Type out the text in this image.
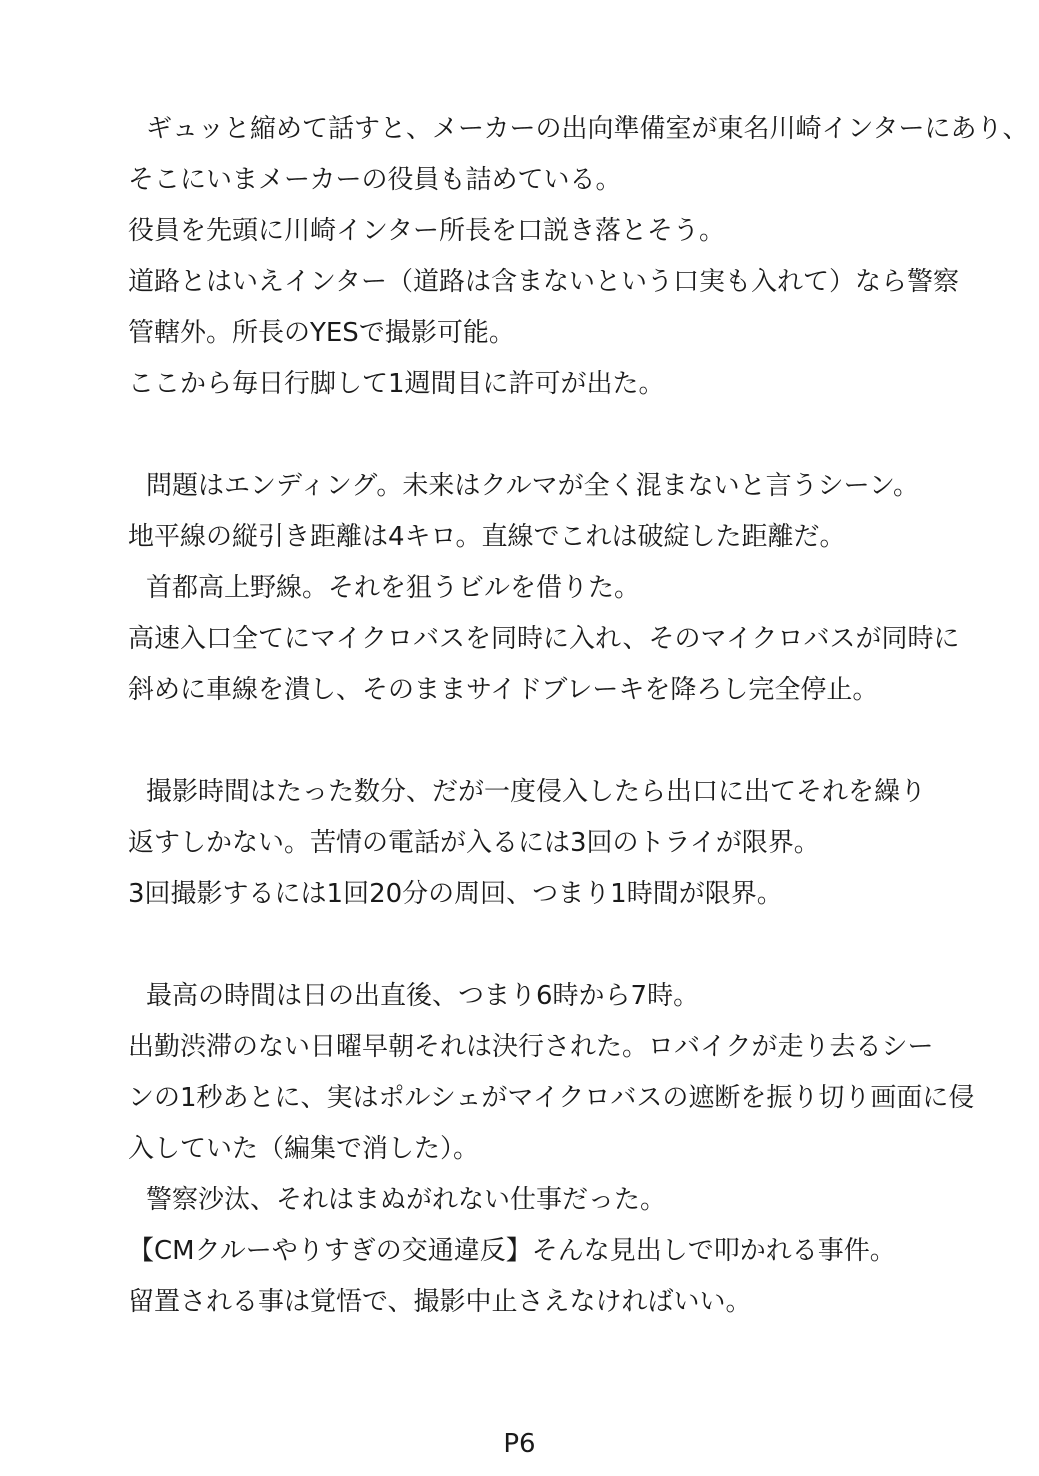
ギュッと縮めて話すと、メーカーの出向準備室が東名川崎インターにあり、
そこにいまメーカーの役員も詰めている。
役員を先頭に川崎インター所長を口説き落とそう。
道路とはいえインター（道路は含まないという口実も入れて）なら警察
管轄外。所長のYESで撮影可能。
ここから毎日行脚して1週間目に許可が出た。
問題はエンディング。未来はクルマが全く混まないと言うシーン。
地平線の縦引き距離は4キロ。直線でこれは破綻した距離だ。
首都高上野線。それを狙うビルを借りた。
高速入口全てにマイクロバスを同時に入れ、そのマイクロバスが同時に
斜めに車線を潰し、そのままサイドブレーキを降ろし完全停止。
撮影時間はたった数分、だが一度侵入したら出口に出てそれを繰り
返すしかない。苦情の電話が入るには3回のトライが限界。
3回撮影するには1回20分の周回、つまり1時間が限界。
最高の時間は日の出直後、つまり6時から7時。
出勤渋滞のない日曜早朝それは決行された。ロバイクが走り去るシー
ンの1秒あとに、実はポルシェがマイクロバスの遮断を振り切り画面に侵
入していた（編集で消した）。
警察沙汰、それはまぬがれない仕事だった。
【CMクルーやりすぎの交通違反】そんな見出しで叩かれる事件。
留置される事は覚悟で、撮影中止さえなければいい。
P6
